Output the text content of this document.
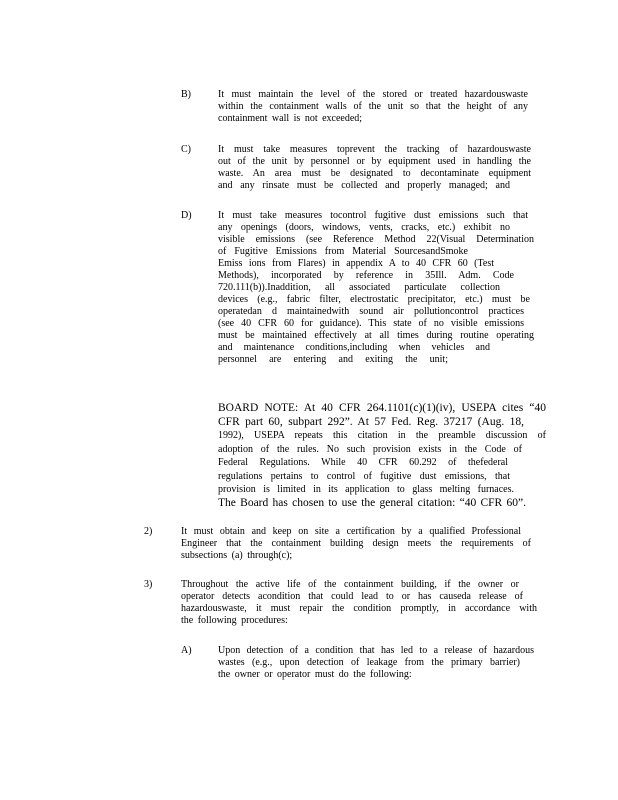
B)	It must maintain the level of the stored or treated hazardouswaste
within the containment walls of the unit so that the height of any
containment wall is not exceeded;
C)	It must take measures toprevent the tracking of hazardouswaste
out of the unit by personnel or by equipment used in handling the
waste. An area must be designated to decontaminate equipment
and any rinsate must be collected and properly managed; and
D)	It must take measures tocontrol fugitive dust emissions such that
any openings (doors, windows, vents, cracks, etc.) exhibit no
visible emissions (see Reference Method 22(Visual Determination
of Fugitive Emissions from Material SourcesandSmoke
Emiss ions from Flares) in appendix A to 40 CFR 60 (Test
Methods), incorporated by reference in 35Ill. Adm. Code
720.111(b)).Inaddition, all associated particulate collection
devices (e.g., fabric filter, electrostatic precipitator, etc.) must be
operatedan d maintainedwith sound air pollutioncontrol practices
(see 40 CFR 60 for guidance). This state of no visible emissions
must be maintained effectively at all times during routine operating
and maintenance conditions,including when vehicles and
personnel are entering and exiting the unit;
BOARD NOTE: At 40 CFR 264.1101(c)(1)(iv), USEPA cites “40
CFR part 60, subpart 292”. At 57 Fed. Reg. 37217 (Aug. 18,
1992), USEPA repeats this citation in the preamble discussion of
adoption of the rules. No such provision exists in the Code of
Federal Regulations. While 40 CFR 60.292 of thefederal
regulations pertains to control of fugitive dust emissions, that
provision is limited in its application to glass melting furnaces.
The Board has chosen to use the general citation: “40 CFR 60”.
2)	It must obtain and keep on site a certification by a qualified Professional
Engineer that the containment building design meets the requirements of
subsections (a) through(c);
3)	Throughout the active life of the containment building, if the owner or
operator detects acondition that could lead to or has causeda release of
hazardouswaste, it must repair the condition promptly, in accordance with
the following procedures:
A)	Upon detection of a condition that has led to a release of hazardous
wastes (e.g., upon detection of leakage from the primary barrier)
the owner or operator must do the following:
